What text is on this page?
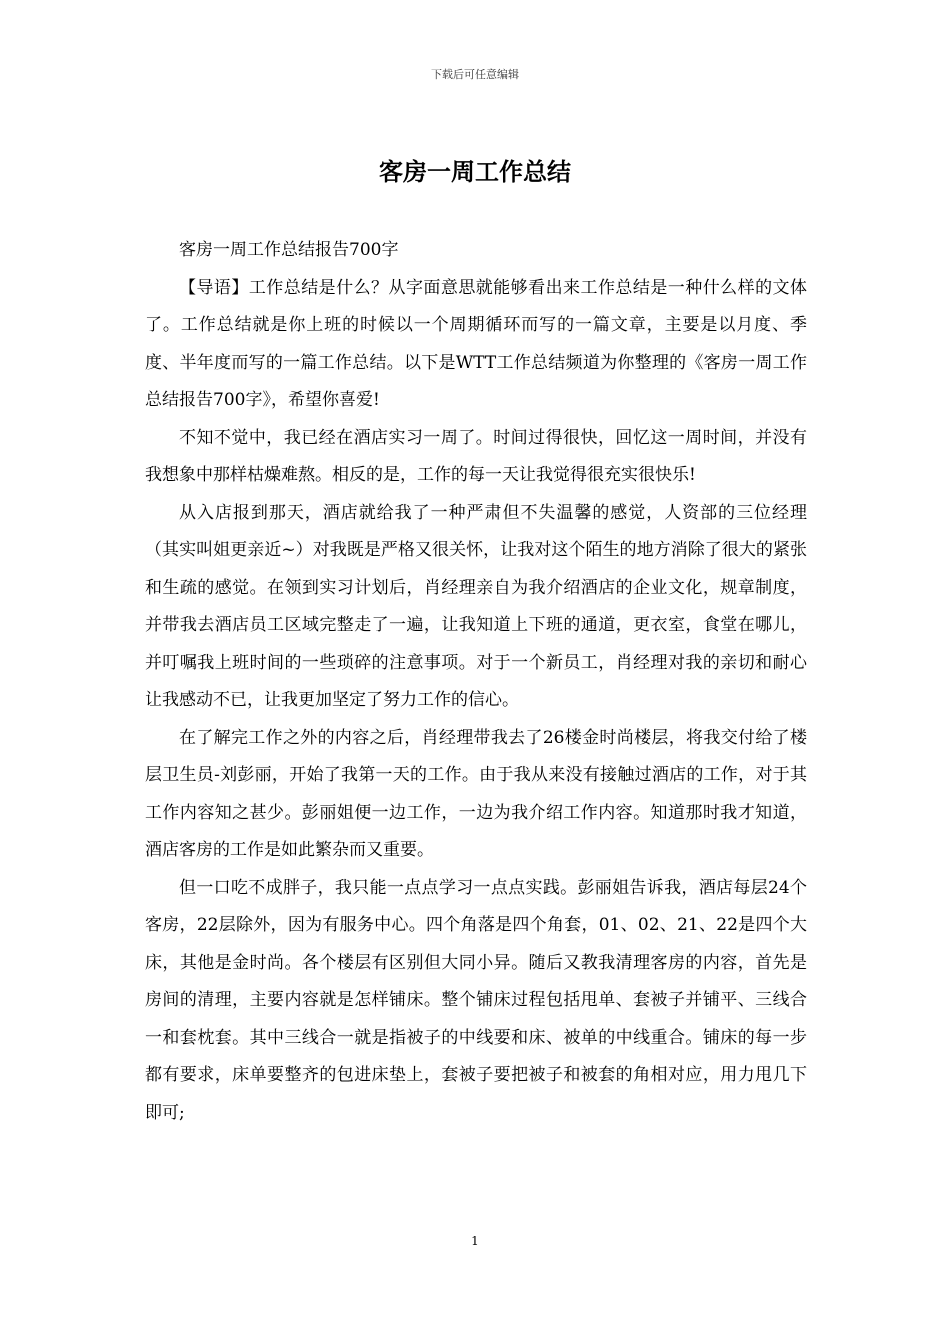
下载后可任意编辑
客房一周工作总结

客房一周工作总结报告700字

【导语】工作总结是什么？从字面意思就能够看出来工作总结是一种什么样的文体了。工作总结就是你上班的时候以一个周期循环而写的一篇文章，主要是以月度、季度、半年度而写的一篇工作总结。以下是WTT工作总结频道为你整理的《客房一周工作总结报告700字》，希望你喜爱!

不知不觉中，我已经在酒店实习一周了。时间过得很快，回忆这一周时间，并没有我想象中那样枯燥难熬。相反的是，工作的每一天让我觉得很充实很快乐!

从入店报到那天，酒店就给我了一种严肃但不失温馨的感觉，人资部的三位经理（其实叫姐更亲近~）对我既是严格又很关怀，让我对这个陌生的地方消除了很大的紧张和生疏的感觉。在领到实习计划后，肖经理亲自为我介绍酒店的企业文化，规章制度，并带我去酒店员工区域完整走了一遍，让我知道上下班的通道，更衣室，食堂在哪儿，并叮嘱我上班时间的一些琐碎的注意事项。对于一个新员工，肖经理对我的亲切和耐心让我感动不已，让我更加坚定了努力工作的信心。

在了解完工作之外的内容之后，肖经理带我去了26楼金时尚楼层，将我交付给了楼层卫生员-刘彭丽，开始了我第一天的工作。由于我从来没有接触过酒店的工作，对于其工作内容知之甚少。彭丽姐便一边工作，一边为我介绍工作内容。知道那时我才知道，酒店客房的工作是如此繁杂而又重要。

但一口吃不成胖子，我只能一点点学习一点点实践。彭丽姐告诉我，酒店每层24个客房，22层除外，因为有服务中心。四个角落是四个角套，01、02、21、22是四个大床，其他是金时尚。各个楼层有区别但大同小异。随后又教我清理客房的内容，首先是房间的清理，主要内容就是怎样铺床。整个铺床过程包括甩单、套被子并铺平、三线合一和套枕套。其中三线合一就是指被子的中线要和床、被单的中线重合。铺床的每一步都有要求，床单要整齐的包进床垫上，套被子要把被子和被套的角相对应，用力甩几下即可;

1
